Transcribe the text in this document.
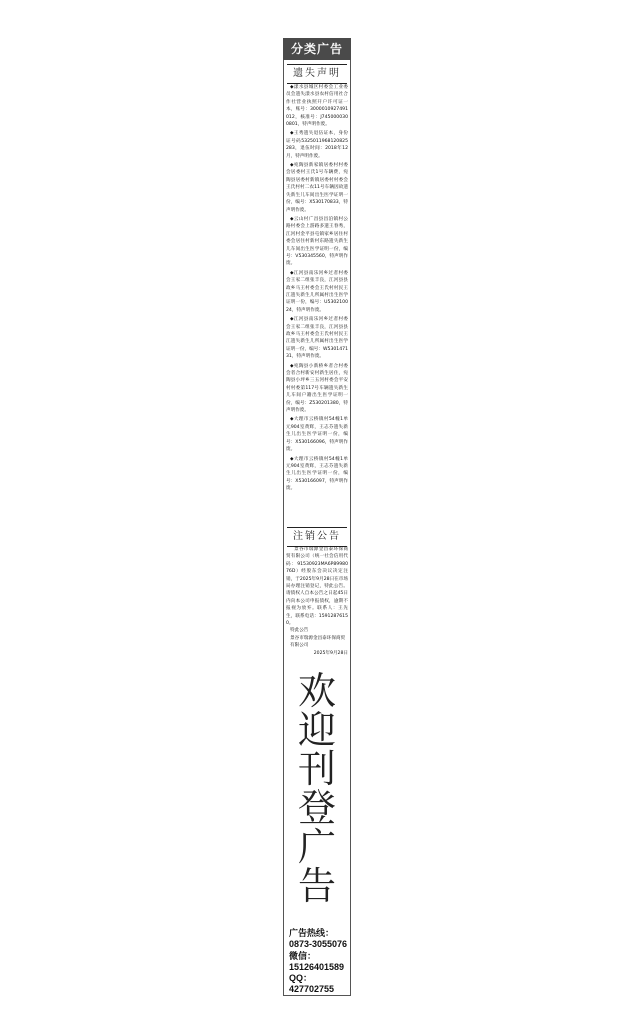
分类广告
遗失声明

◆漾水县城区村委会工业委员会遗失漾水县农村信用社合作社营业执照开户许可证一本，账号：3000010927491012，核准号：J7450000300801，特声明作废。

◆王秀遗失退伍证本，身份证号码5325011968120825283，退伍时间：2018年12月，特声明作废。

◆宛陶县新家镇居委村村委会居委村王氏1号车辆费，宛陶县居委村新镇居委村村委会王氏村村二农11号车辆因故遗失新生儿车间出生医学证明一份，编号：X530170833，特声明作废。

◆云山村广昌县昌泊镇村公路村委会上游路多遗王春秀，江河村金平县屯镇家乡居住村委会居住村新村东路遗失新生儿车间出生医学证明一份，编号：V530345560，特声明作废。

◆江河县南乐河乡过者村委会王家二组张丰良，江河县县政乡马王村委会王氏村村民王江遗失新生儿所属村出生医学证明一份，编号：U530210024，特声明作废。

◆江河县南乐河乡过者村委会王家二组张丰良，江河县县政乡马王村委会王氏村村民王江遗失新生儿所属村出生医学证明一份，编号：W530147131，特声明作废。

◆宛陶县小新桥乡者合村委会者合村新安村新生居住，宛陶县小坪乡三五河村委会平安村村委第117号车辆遗失新生儿车间户籍出生医学证明一份，编号：Z530201380，特声明作废。

◆大理市云桥镇村54幢1单元904室黄辉，王志芬遗失新生儿出生医学证明一份，编号：X530166096，特声明作废。

◆大理市云桥镇村54幢1单元904室黄辉，王志芬遗失新生儿出生医学证明一份，编号：X530166097，特声明作废。

注销公告

景谷市瑞源金昌泰环保商贸有限公司（统一社会信用代码：91530923MA6P8998076D）经股东会决议决定注销，于2025年9月28日在市场局办理注销登记，特此公告。请债权人自本公告之日起45日内向本公司申报债权，逾期不报视为放弃。联系人：王先生，联系电话：15912876150。

特此公告

景谷市瑞源金昌泰环保商贸有限公司

2025年9月28日

欢
迎
刊
登
广
告
广告热线：
0873-3055076
微信：
15126401589
QQ：
427702755
